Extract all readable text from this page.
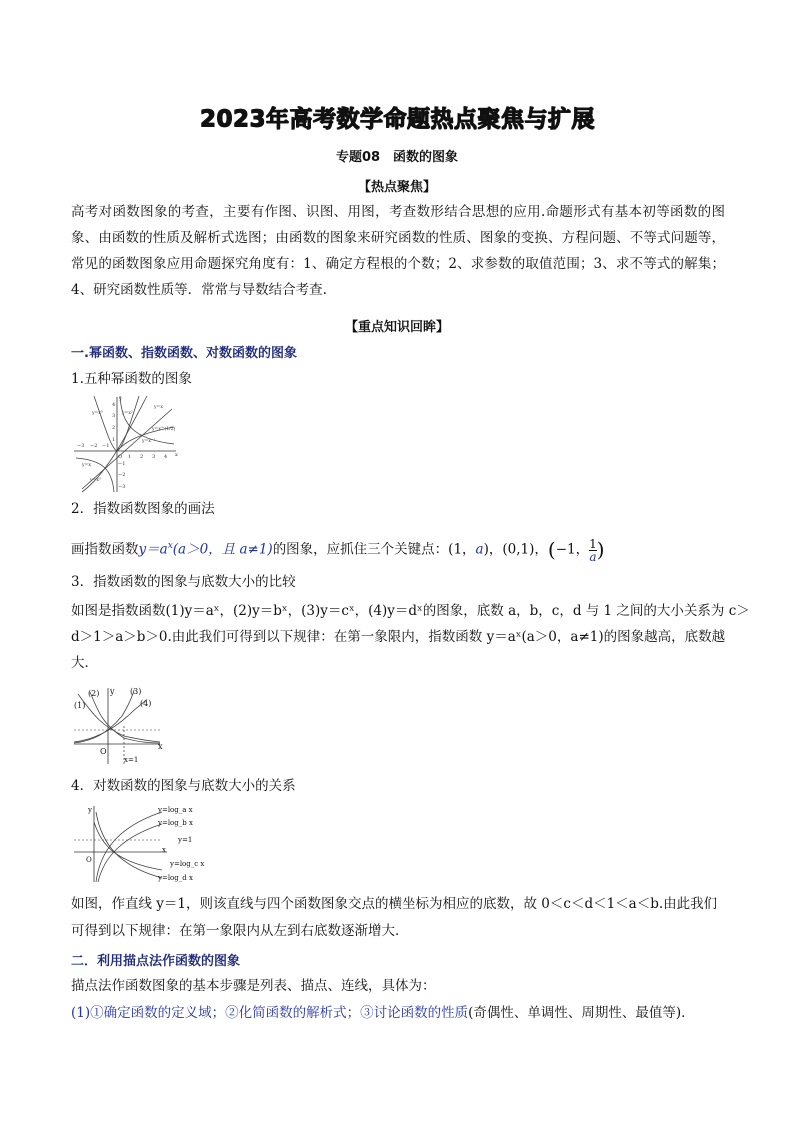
2023年高考数学命题热点聚焦与扩展
专题08　函数的图象
【热点聚焦】
高考对函数图象的考查，主要有作图、识图、用图，考查数形结合思想的应用.命题形式有基本初等函数的图象、由函数的性质及解析式选图；由函数的图象来研究函数的性质、图象的变换、方程问题、不等式问题等，常见的函数图象应用命题探究角度有：1、确定方程根的个数；2、求参数的取值范围；3、求不等式的解集；4、研究函数性质等．常常与导数结合考查.
【重点知识回眸】
一.幂函数、指数函数、对数函数的图象
1.五种幂函数的图象
−3 −2 −1
O 1 2 3 4
4
3
2
1
−1
−2
−3
x
y
y=x³	y=x²
y=x
y=x^(1/2)
y=x⁻¹
y=x
y=x³
2．指数函数图象的画法
画指数函数$y=a^x(a>0$，且 a≠1)的图象，应抓住三个关键点：(1，a)，(0,1)，(−1， $\frac{1}{a}$ )
3．指数函数的图象与底数大小的比较
如图是指数函数(1)y＝aˣ，(2)y＝bˣ，(3)y＝cˣ，(4)y＝dˣ的图象，底数 a，b，c，d 与 1 之间的大小关系为 c＞
d＞1＞a＞b＞0.由此我们可得到以下规律：在第一象限内，指数函数 y＝aˣ(a＞0，a≠1)的图象越高，底数越
大．
(1)
(2)	(3)
(4)
x
y
O
x=1
4．对数函数的图象与底数大小的关系
y=log_a x
y=log_b x
y=1
y=log_c x
y=log_d x
x
y
O
如图，作直线 y＝1，则该直线与四个函数图象交点的横坐标为相应的底数，故 0＜c＜d＜1＜a＜b.由此我们
可得到以下规律：在第一象限内从左到右底数逐渐增大．
二．利用描点法作函数的图象
描点法作函数图象的基本步骤是列表、描点、连线，具体为：
(1)①确定函数的定义域；②化简函数的解析式；③讨论函数的性质(奇偶性、单调性、周期性、最值等)．
